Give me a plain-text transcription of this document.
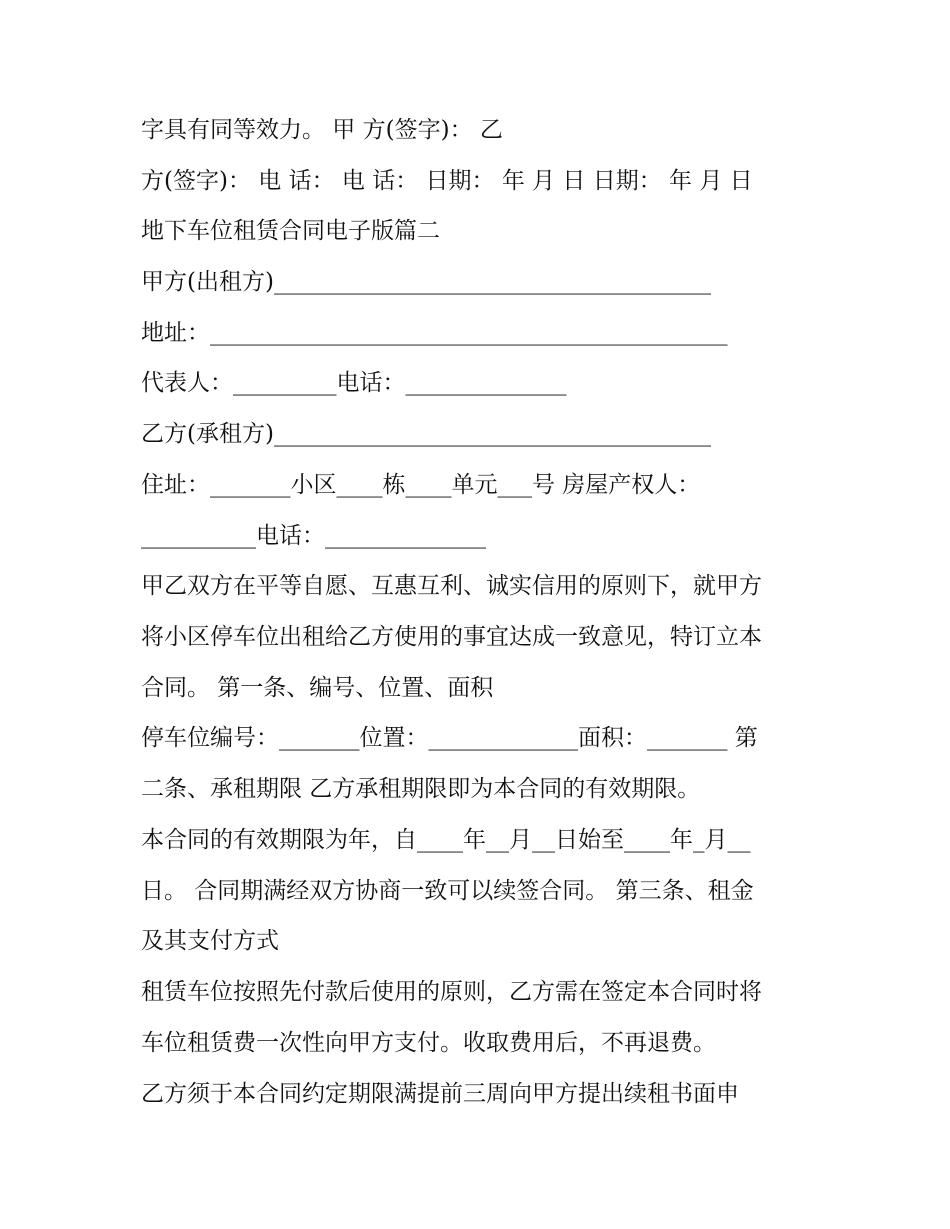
字具有同等效力。 甲 方(签字)： 乙
方(签字)： 电 话： 电 话： 日期： 年 月 日 日期： 年 月 日
地下车位租赁合同电子版篇二
甲方(出租方)______________________________________
地址：_____________________________________________
代表人：_________电话：______________
乙方(承租方)______________________________________
住址：_______小区____栋____单元___号 房屋产权人：
__________电话：______________
甲乙双方在平等自愿、互惠互利、诚实信用的原则下，就甲方
将小区停车位出租给乙方使用的事宜达成一致意见，特订立本
合同。 第一条、编号、位置、面积
停车位编号：_______位置：_____________面积：_______ 第
二条、承租期限 乙方承租期限即为本合同的有效期限。
本合同的有效期限为年，自____年__月__日始至____年_月__
日。 合同期满经双方协商一致可以续签合同。 第三条、租金
及其支付方式
租赁车位按照先付款后使用的原则，乙方需在签定本合同时将
车位租赁费一次性向甲方支付。收取费用后，不再退费。
乙方须于本合同约定期限满提前三周向甲方提出续租书面申
